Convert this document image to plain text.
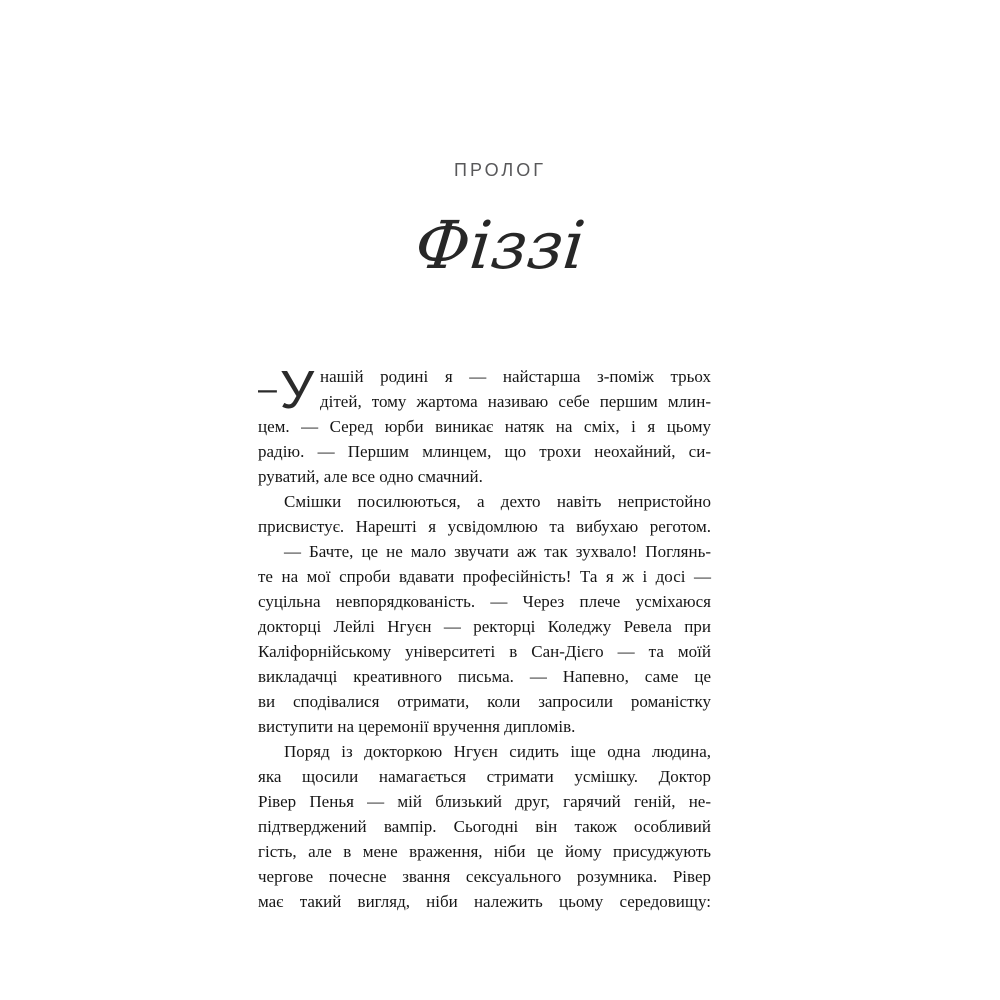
ПРОЛОГ
Фіззі
– У нашій родині я — найстарша з-поміж трьох
дітей, тому жартома називаю себе першим млин-
цем. — Серед юрби виникає натяк на сміх, і я цьому
радію. — Першим млинцем, що трохи неохайний, си-
руватий, але все одно смачний.
Смішки посилюються, а дехто навіть непристойно
присвистує. Нарешті я усвідомлюю та вибухаю реготом.
— Бачте, це не мало звучати аж так зухвало! Поглянь-
те на мої спроби вдавати професійність! Та я ж і досі —
суцільна невпорядкованість. — Через плече усміхаюся
докторці Лейлі Нгуєн — ректорці Коледжу Ревела при
Каліфорнійському університеті в Сан-Дієго — та моїй
викладачці креативного письма. — Напевно, саме це
ви сподівалися отримати, коли запросили романістку
виступити на церемонії вручення дипломів.
Поряд із докторкою Нгуєн сидить іще одна людина,
яка щосили намагається стримати усмішку. Доктор
Рівер Пенья — мій близький друг, гарячий геній, не-
підтверджений вампір. Сьогодні він також особливий
гість, але в мене враження, ніби це йому присуджують
чергове почесне звання сексуального розумника. Рівер
має такий вигляд, ніби належить цьому середовищу:
